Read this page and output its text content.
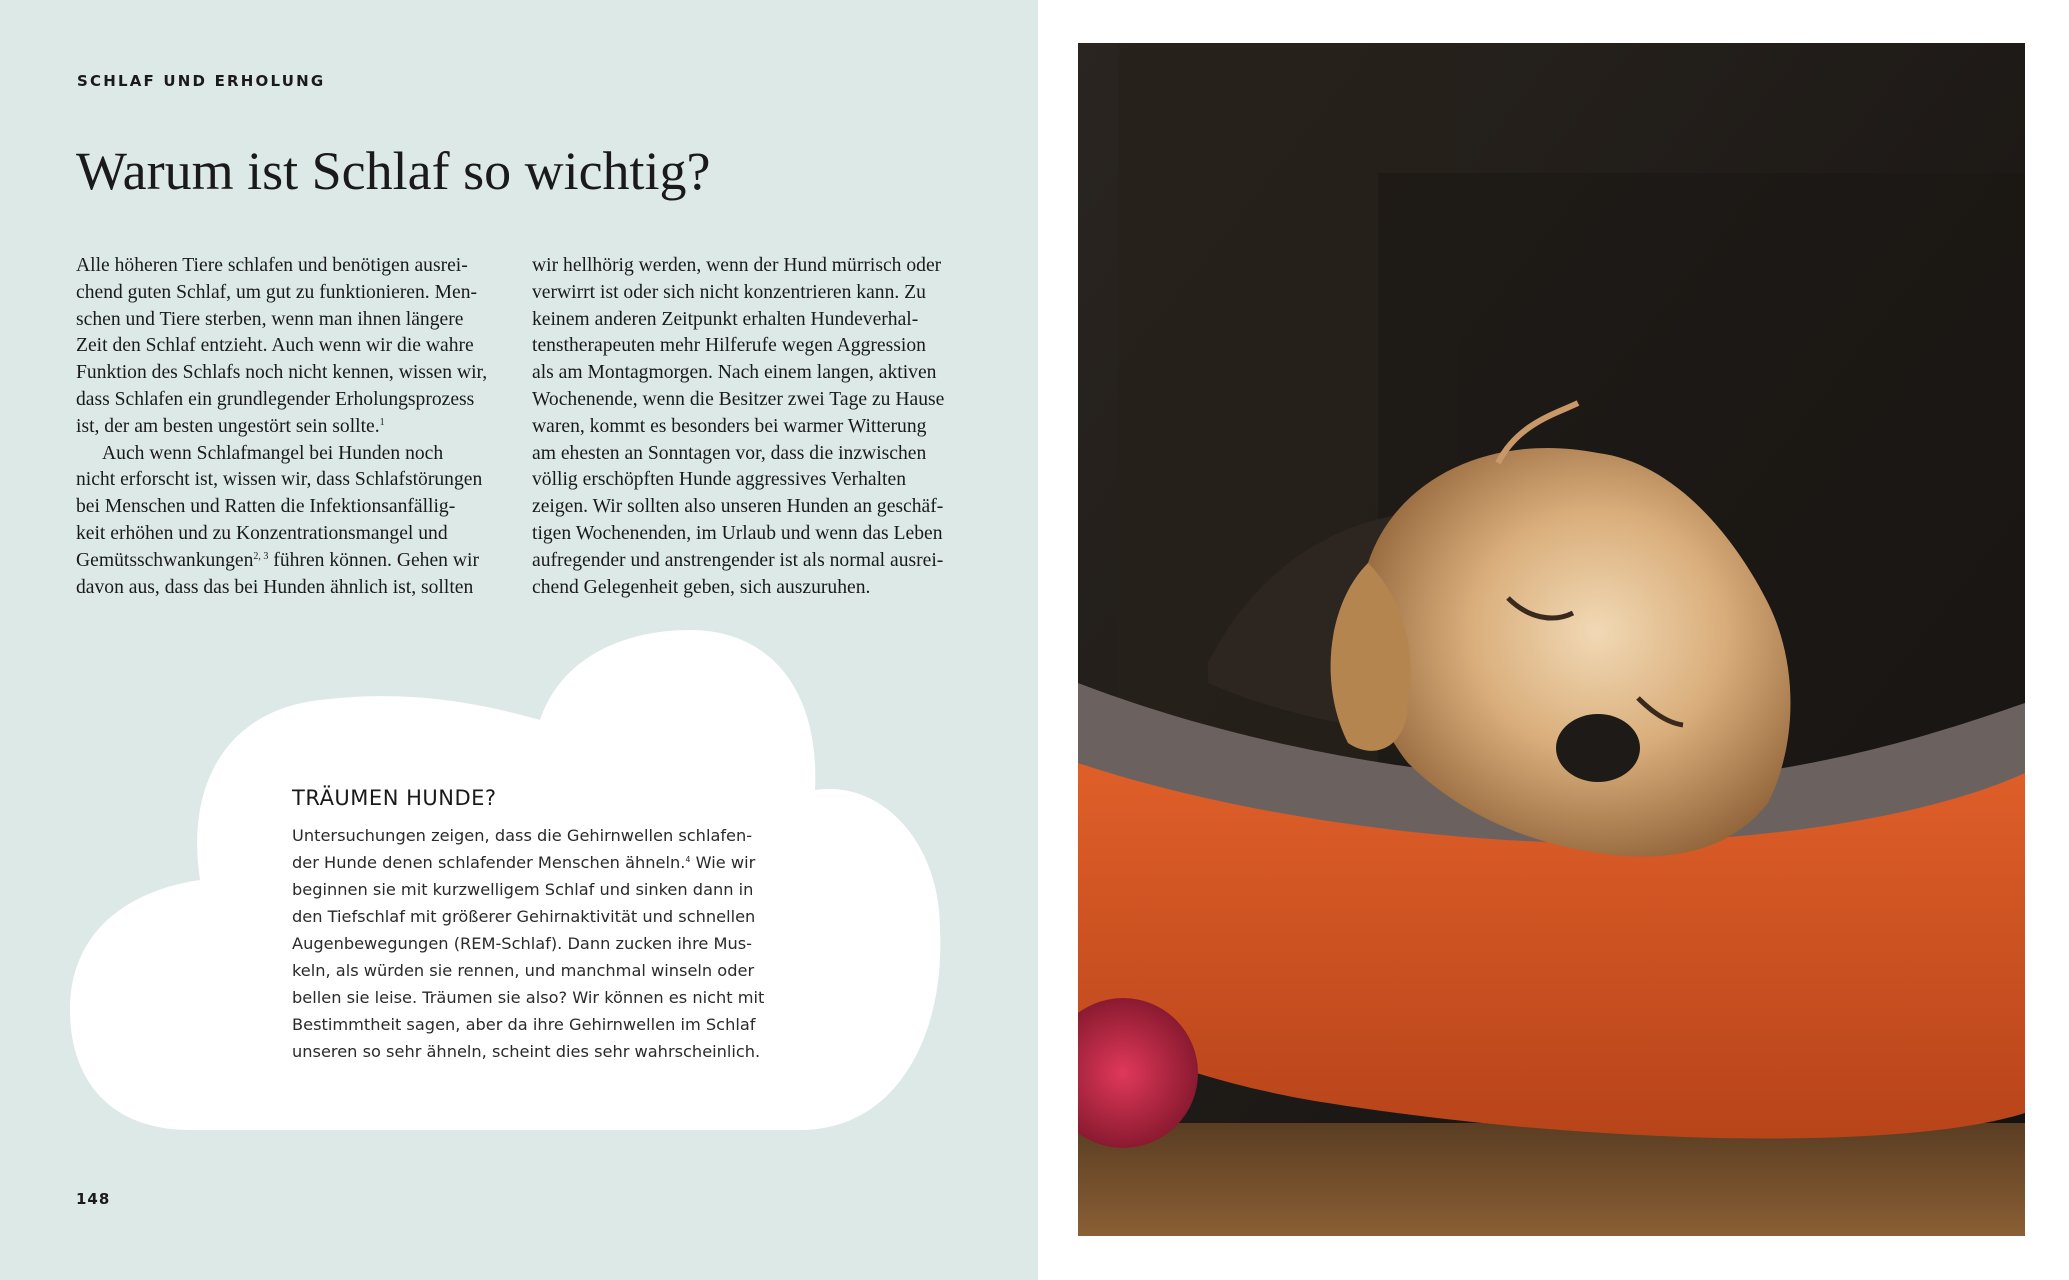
SCHLAF UND ERHOLUNG
Warum ist Schlaf so wichtig?
Alle höheren Tiere schlafen und benötigen ausrei-
chend guten Schlaf, um gut zu funktionieren. Men-
schen und Tiere sterben, wenn man ihnen längere
Zeit den Schlaf entzieht. Auch wenn wir die wahre
Funktion des Schlafs noch nicht kennen, wissen wir,
dass Schlafen ein grundlegender Erholungsprozess
ist, der am besten ungestört sein sollte.$^1$
Auch wenn Schlafmangel bei Hunden noch
nicht erforscht ist, wissen wir, dass Schlafstörungen
bei Menschen und Ratten die Infektionsanfällig-
keit erhöhen und zu Konzentrationsmangel und
Gemütsschwankungen$^{2, 3}$ führen können. Gehen wir
davon aus, dass das bei Hunden ähnlich ist, sollten
wir hellhörig werden, wenn der Hund mürrisch oder
verwirrt ist oder sich nicht konzentrieren kann. Zu
keinem anderen Zeitpunkt erhalten Hundeverhal-
tenstherapeuten mehr Hilferufe wegen Aggression
als am Montagmorgen. Nach einem langen, aktiven
Wochenende, wenn die Besitzer zwei Tage zu Hause
waren, kommt es besonders bei warmer Witterung
am ehesten an Sonntagen vor, dass die inzwischen
völlig erschöpften Hunde aggressives Verhalten
zeigen. Wir sollten also unseren Hunden an geschäf-
tigen Wochenenden, im Urlaub und wenn das Leben
aufregender und anstrengender ist als normal ausrei-
chend Gelegenheit geben, sich auszuruhen.
TRÄUMEN HUNDE?
Untersuchungen zeigen, dass die Gehirnwellen schlafen-
der Hunde denen schlafender Menschen ähneln.$^4$ Wie wir
beginnen sie mit kurzwelligem Schlaf und sinken dann in
den Tiefschlaf mit größerer Gehirnaktivität und schnellen
Augenbewegungen (REM-Schlaf). Dann zucken ihre Mus-
keln, als würden sie rennen, und manchmal winseln oder
bellen sie leise. Träumen sie also? Wir können es nicht mit
Bestimmtheit sagen, aber da ihre Gehirnwellen im Schlaf
unseren so sehr ähneln, scheint dies sehr wahrscheinlich.
148
